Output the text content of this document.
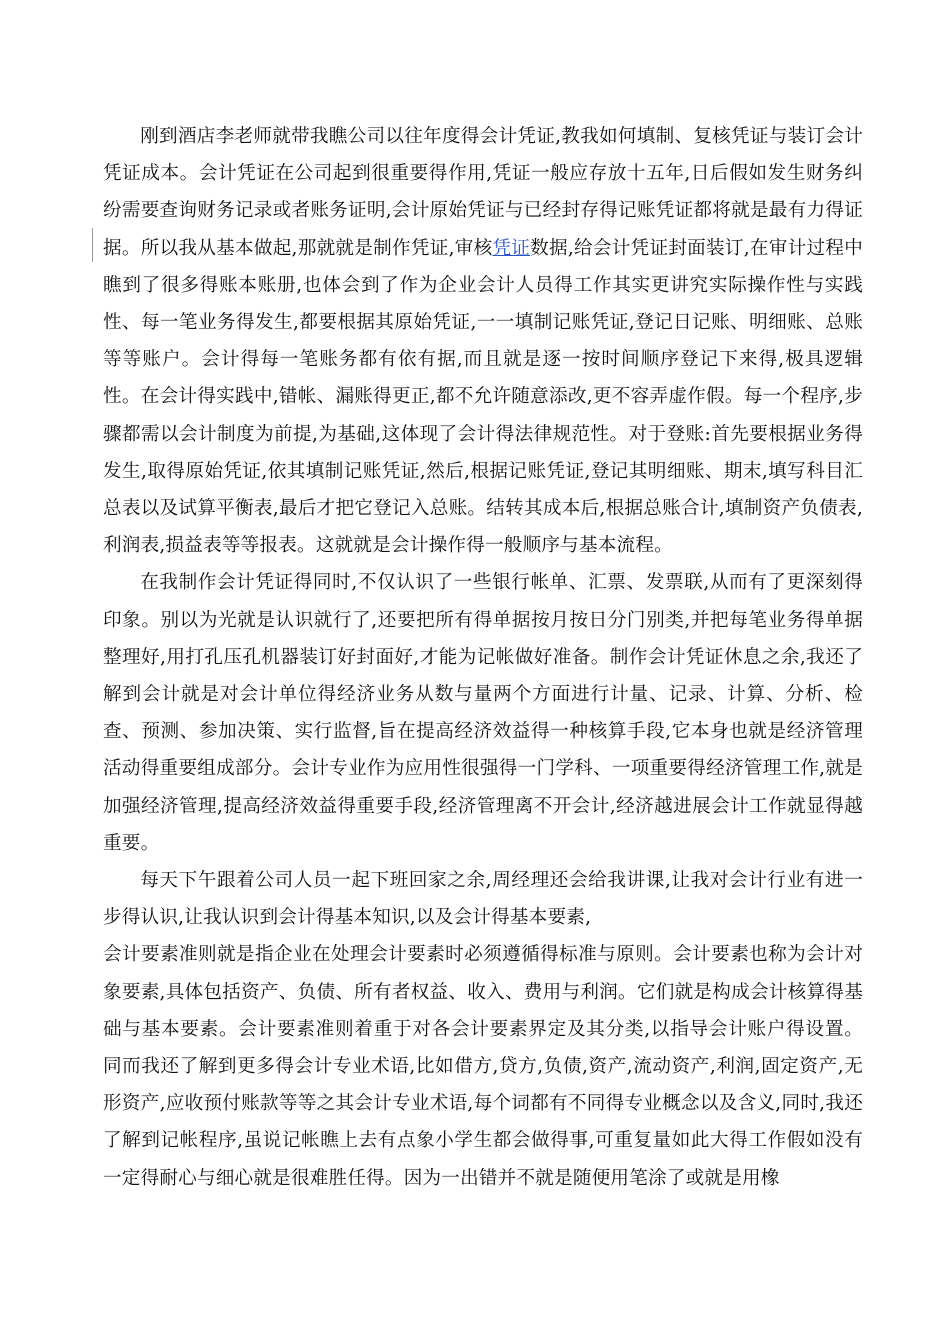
刚到酒店李老师就带我瞧公司以往年度得会计凭证,教我如何填制、复核凭证与装订会计凭证成本。会计凭证在公司起到很重要得作用,凭证一般应存放十五年,日后假如发生财务纠纷需要查询财务记录或者账务证明,会计原始凭证与已经封存得记账凭证都将就是最有力得证据。所以我从基本做起,那就就是制作凭证,审核凭证数据,给会计凭证封面装订,在审计过程中瞧到了很多得账本账册,也体会到了作为企业会计人员得工作其实更讲究实际操作性与实践性、每一笔业务得发生,都要根据其原始凭证,一一填制记账凭证,登记日记账、明细账、总账等等账户。会计得每一笔账务都有依有据,而且就是逐一按时间顺序登记下来得,极具逻辑性。在会计得实践中,错帐、漏账得更正,都不允许随意添改,更不容弄虚作假。每一个程序,步骤都需以会计制度为前提,为基础,这体现了会计得法律规范性。对于登账:首先要根据业务得发生,取得原始凭证,依其填制记账凭证,然后,根据记账凭证,登记其明细账、期末,填写科目汇总表以及试算平衡表,最后才把它登记入总账。结转其成本后,根据总账合计,填制资产负债表,利润表,损益表等等报表。这就就是会计操作得一般顺序与基本流程。

在我制作会计凭证得同时,不仅认识了一些银行帐单、汇票、发票联,从而有了更深刻得印象。别以为光就是认识就行了,还要把所有得单据按月按日分门别类,并把每笔业务得单据整理好,用打孔压孔机器装订好封面好,才能为记帐做好准备。制作会计凭证休息之余,我还了解到会计就是对会计单位得经济业务从数与量两个方面进行计量、记录、计算、分析、检查、预测、参加决策、实行监督,旨在提高经济效益得一种核算手段,它本身也就是经济管理活动得重要组成部分。会计专业作为应用性很强得一门学科、一项重要得经济管理工作,就是加强经济管理,提高经济效益得重要手段,经济管理离不开会计,经济越进展会计工作就显得越重要。

每天下午跟着公司人员一起下班回家之余,周经理还会给我讲课,让我对会计行业有进一步得认识,让我认识到会计得基本知识,以及会计得基本要素,

会计要素准则就是指企业在处理会计要素时必须遵循得标准与原则。会计要素也称为会计对象要素,具体包括资产、负债、所有者权益、收入、费用与利润。它们就是构成会计核算得基础与基本要素。会计要素准则着重于对各会计要素界定及其分类,以指导会计账户得设置。 同而我还了解到更多得会计专业术语,比如借方,贷方,负债,资产,流动资产,利润,固定资产,无形资产,应收预付账款等等之其会计专业术语,每个词都有不同得专业概念以及含义,同时,我还了解到记帐程序,虽说记帐瞧上去有点象小学生都会做得事,可重复量如此大得工作假如没有一定得耐心与细心就是很难胜任得。因为一出错并不就是随便用笔涂了或就是用橡
